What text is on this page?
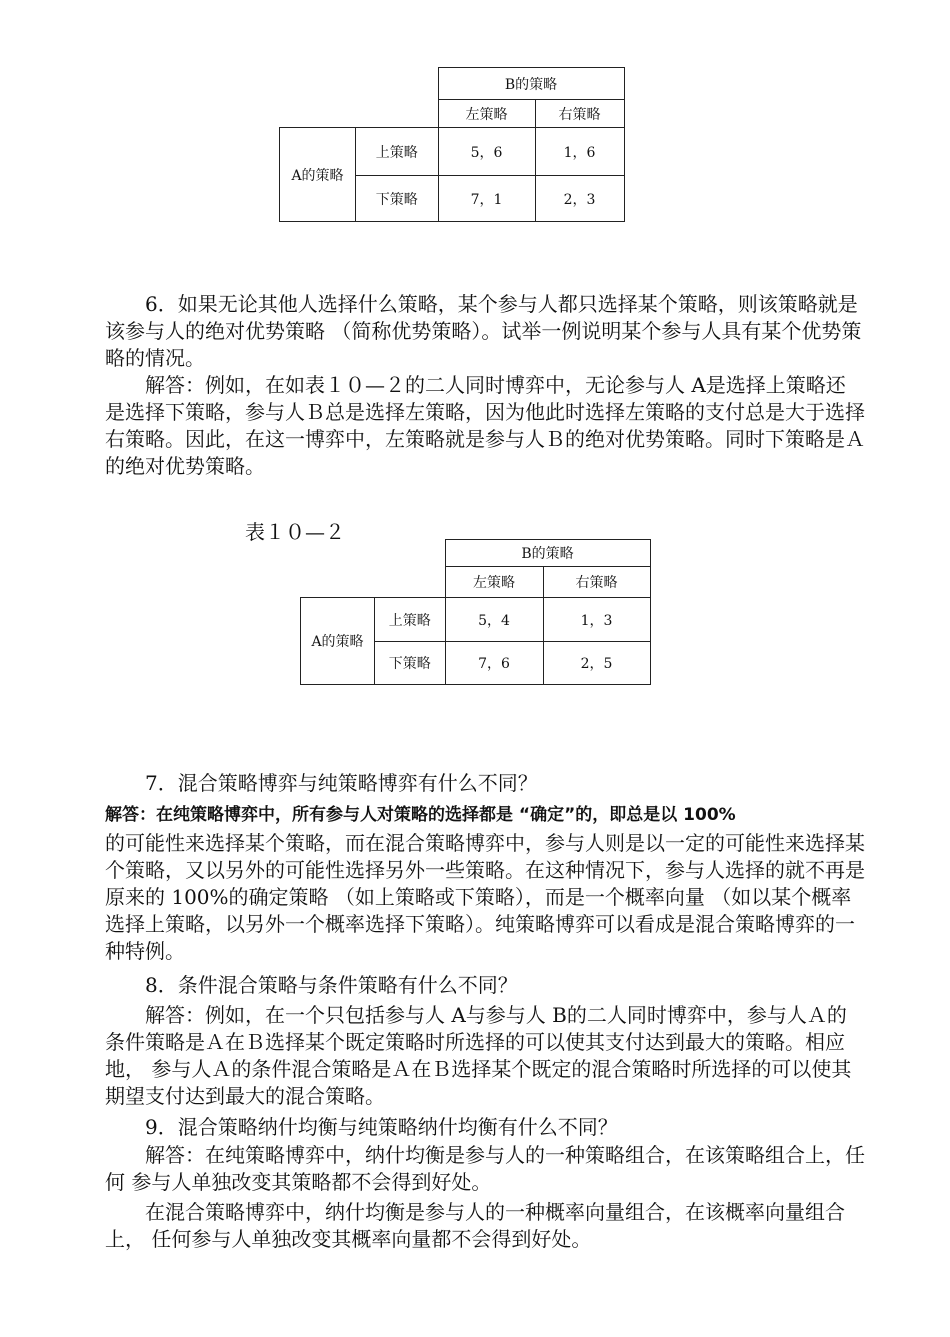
		B的策略	
		左策略	右策略
A的策略	上策略	5，6	1，6
	下策略	7，1	2，3

6．如果无论其他人选择什么策略，某个参与人都只选择某个策略，则该策略就是该参与人的绝对优势策略 （简称优势策略）。试举一例说明某个参与人具有某个优势策略的情况。

解答：例如，在如表１０—２的二人同时博弈中，无论参与人 A是选择上策略还是选择下策略，参与人Ｂ总是选择左策略，因为他此时选择左策略的支付总是大于选择右策略。因此，在这一博弈中，左策略就是参与人Ｂ的绝对优势策略。同时下策略是Ａ的绝对优势策略。

表１０—２
		B的策略	
		左策略	右策略
A的策略	上策略	5，4	1，3
	下策略	7，6	2，5

7．混合策略博弈与纯策略博弈有什么不同？

解答：在纯策略博弈中，所有参与人对策略的选择都是 “确定”的，即总是以 100%

的可能性来选择某个策略，而在混合策略博弈中，参与人则是以一定的可能性来选择某个策略，又以另外的可能性选择另外一些策略。在这种情况下，参与人选择的就不再是原来的 100%的确定策略 （如上策略或下策略），而是一个概率向量 （如以某个概率选择上策略，以另外一个概率选择下策略）。纯策略博弈可以看成是混合策略博弈的一种特例。

8．条件混合策略与条件策略有什么不同？

解答：例如，在一个只包括参与人 A与参与人 B的二人同时博弈中，参与人Ａ的条件策略是Ａ在Ｂ选择某个既定策略时所选择的可以使其支付达到最大的策略。相应地， 参与人Ａ的条件混合策略是Ａ在Ｂ选择某个既定的混合策略时所选择的可以使其期望支付达到最大的混合策略。

9．混合策略纳什均衡与纯策略纳什均衡有什么不同？

解答：在纯策略博弈中，纳什均衡是参与人的一种策略组合，在该策略组合上，任何 参与人单独改变其策略都不会得到好处。

在混合策略博弈中，纳什均衡是参与人的一种概率向量组合，在该概率向量组合上， 任何参与人单独改变其概率向量都不会得到好处。
